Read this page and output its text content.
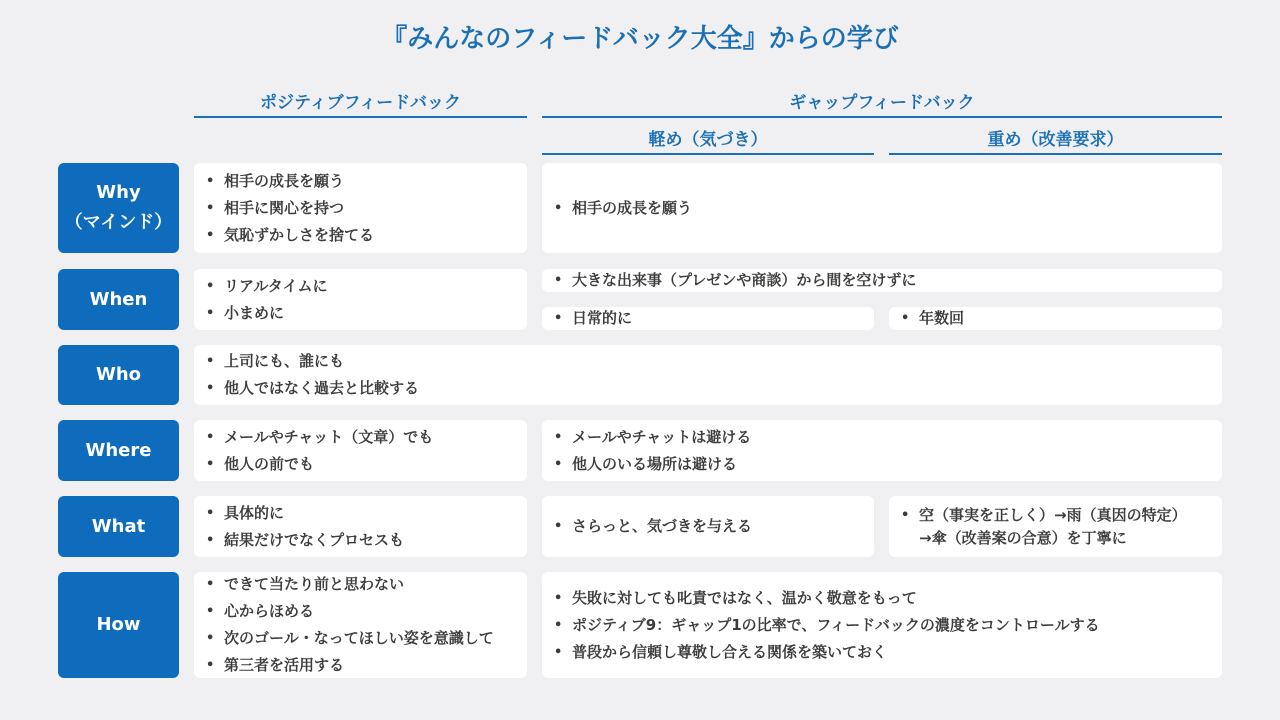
『みんなのフィードバック大全』からの学び
ポジティブフィードバック	ギャップフィードバック
軽め（気づき）	重め（改善要求）
Why
（マインド）
• 相手の成長を願う
• 相手に関心を持つ
• 気恥ずかしさを捨てる
• 相手の成長を願う
When
• リアルタイムに
• 小まめに
• 大きな出来事（プレゼンや商談）から間を空けずに
• 日常的に
•	年数回
Who
• 上司にも、誰にも
• 他人ではなく過去と比較する
Where
• メールやチャット（文章）でも
• 他人の前でも
• メールやチャットは避ける
• 他人のいる場所は避ける
What
• 具体的に
• 結果だけでなくプロセスも
• さらっと、気づきを与える
• 空（事実を正しく）→雨（真因の特定）
→傘（改善案の合意）を丁寧に
How
• できて当たり前と思わない
• 心からほめる
• 次のゴール・なってほしい姿を意識して
• 第三者を活用する
• 失敗に対しても叱責ではなく、温かく敬意をもって
• ポジティブ9：ギャップ1の比率で、フィードバックの濃度をコントロールする
• 普段から信頼し尊敬し合える関係を築いておく
